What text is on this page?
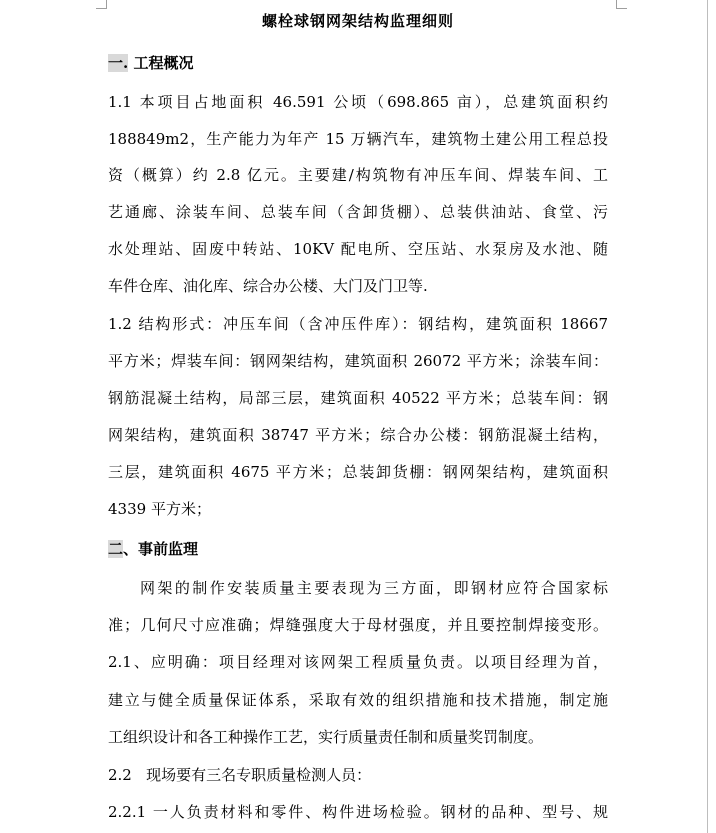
螺栓球钢网架结构监理细则
一. 工程概况
1.1 本项目占地面积 46.591 公顷（698.865 亩），总建筑面积约
188849m2，生产能力为年产 15 万辆汽车，建筑物土建公用工程总投
资（概算）约 2.8 亿元。主要建/构筑物有冲压车间、焊装车间、工
艺通廊、涂装车间、总装车间（含卸货棚）、总装供油站、食堂、污
水处理站、固废中转站、10KV 配电所、空压站、水泵房及水池、随
车件仓库、油化库、综合办公楼、大门及门卫等.
1.2 结构形式：冲压车间（含冲压件库）：钢结构，建筑面积 18667
平方米；焊装车间：钢网架结构，建筑面积 26072 平方米；涂装车间：
钢筋混凝土结构，局部三层，建筑面积 40522 平方米；总装车间：钢
网架结构，建筑面积 38747 平方米；综合办公楼：钢筋混凝土结构，
三层，建筑面积 4675 平方米；总装卸货棚：钢网架结构，建筑面积
4339 平方米；
二、事前监理
网架的制作安装质量主要表现为三方面，即钢材应符合国家标
准；几何尺寸应准确；焊缝强度大于母材强度，并且要控制焊接变形。
2.1、应明确：项目经理对该网架工程质量负责。以项目经理为首，
建立与健全质量保证体系，采取有效的组织措施和技术措施，制定施
工组织设计和各工种操作工艺，实行质量责任制和质量奖罚制度。
2.2   现场要有三名专职质量检测人员：
2.2.1 一人负责材料和零件、构件进场检验。钢材的品种、型号、规
